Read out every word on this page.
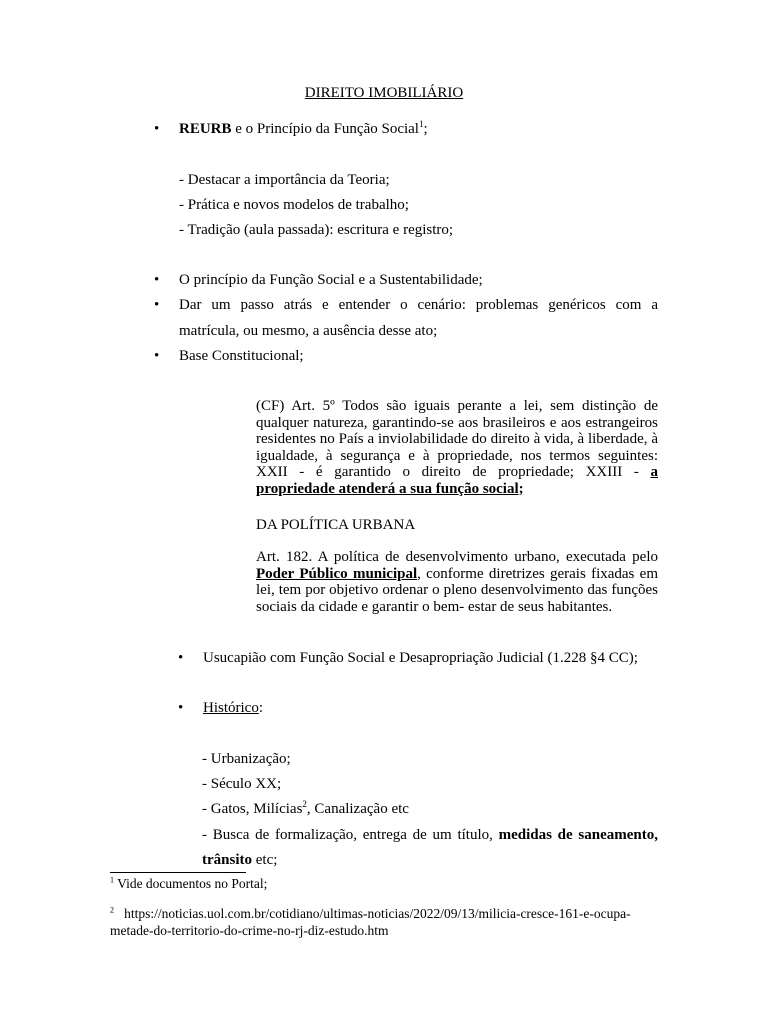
DIREITO IMOBILIÁRIO
• REURB e o Princípio da Função Social$^1$;
- Destacar a importância da Teoria;
- Prática e novos modelos de trabalho;
- Tradição (aula passada): escritura e registro;
• O princípio da Função Social e a Sustentabilidade;
• Dar um passo atrás e entender o cenário: problemas genéricos com a
matrícula, ou mesmo, a ausência desse ato;
• Base Constitucional;
(CF) Art. 5º Todos são iguais perante a lei, sem distinção de qualquer natureza, garantindo-se aos brasileiros e aos estrangeiros residentes no País a inviolabilidade do direito à vida, à liberdade, à igualdade, à segurança e à propriedade, nos termos seguintes: XXII - é garantido o direito de propriedade; XXIII - a propriedade atenderá a sua função social;
DA POLÍTICA URBANA
Art. 182. A política de desenvolvimento urbano, executada pelo Poder Público municipal, conforme diretrizes gerais fixadas em lei, tem por objetivo ordenar o pleno desenvolvimento das funções sociais da cidade e garantir o bem- estar de seus habitantes.
• Usucapião com Função Social e Desapropriação Judicial (1.228 §4 CC);
• Histórico:
- Urbanização;
- Século XX;
- Gatos, Milícias$^2$, Canalização etc
- Busca de formalização, entrega de um título, medidas de saneamento,
trânsito etc;
$^1$ Vide documentos no Portal;
$^2$ https://noticias.uol.com.br/cotidiano/ultimas-noticias/2022/09/13/milicia-cresce-161-e-ocupa-
metade-do-territorio-do-crime-no-rj-diz-estudo.htm
